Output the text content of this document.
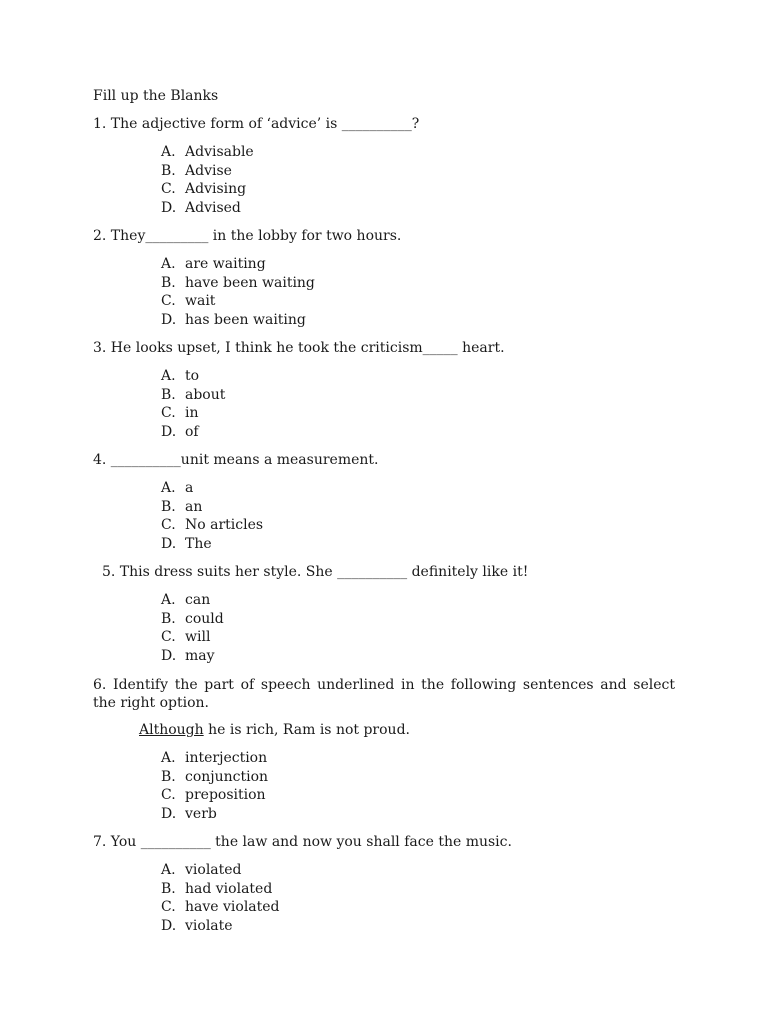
Fill up the Blanks
1. The adjective form of ‘advice’ is __________?
A. Advisable
B. Advise
C. Advising
D. Advised
2. They_________ in the lobby for two hours.
A. are waiting
B. have been waiting
C. wait
D. has been waiting
3. He looks upset, I think he took the criticism_____ heart.
A. to
B. about
C. in
D. of
4. __________unit means a measurement.
A. a
B. an
C. No articles
D. The
5. This dress suits her style. She __________ definitely like it!
A. can
B. could
C. will
D. may
6. Identify the part of speech underlined in the following sentences and select the right option.
Although he is rich, Ram is not proud.
A. interjection
B. conjunction
C. preposition
D. verb
7. You __________ the law and now you shall face the music.
A. violated
B. had violated
C. have violated
D. violate
